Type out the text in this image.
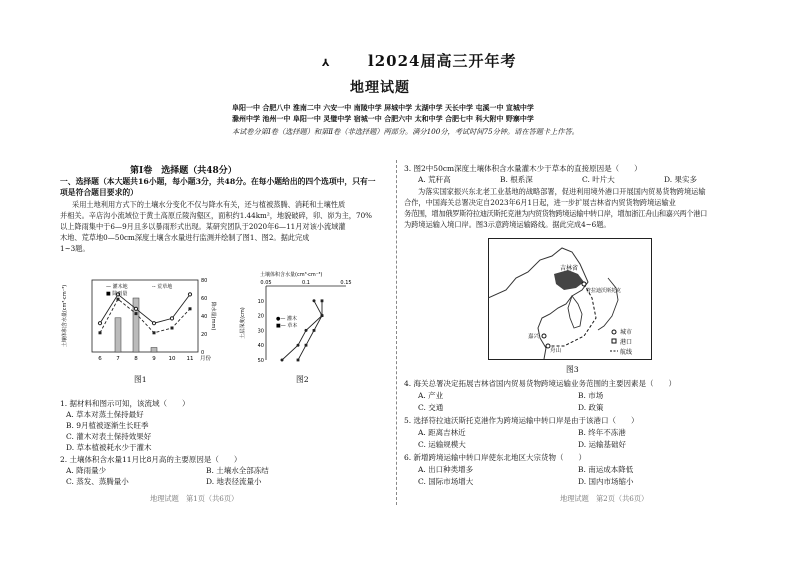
⅄	l2024届高三开年考
地理试题
阜阳一中 合肥八中 淮南二中 六安一中 南陵中学 屏城中学 太湖中学 天长中学 屯溪一中 宣城中学
滁州中学 池州一中 阜阳一中 灵璧中学 宿城一中 合肥六中 太和中学 合肥七中 科大附中 野寨中学
本试卷分第Ⅰ卷（选择题）和第Ⅱ卷（非选择题）两部分。满分100分，考试时间75分钟。请在答题卡上作答。
第Ⅰ卷　选择题（共48分）
一、选择题（本大题共16小题，每小题3分，共48分。在每小题给出的四个选项中，只有一
项是符合题目要求的）
采用土地利用方式下的土壤水分变化不仅与降水有关，还与植被蒸腾、消耗和土壤性质
并相关。辛店沟小流域位于黄土高原丘陵沟壑区，面积约1.44km²，地貌破碎，卯、峁为主，70%
以上降雨集中于6—9月且多以暴雨形式出现。某研究团队于2020年6—11月对该小流域灌
木地、荒草地0—50cm深度土壤含水量进行监测并绘制了图1、图2。据此完成
1~3题。
6	7	8	9 10 11 月份
土壤体积含水量(cm³·cm⁻³)	降水量(mm)
0
20
40
60
80
— 灌木地
■ 降雨量
-- 荒草地
图1
土壤体积含水量(cm³·cm⁻³)
0.05	0.1	0.15
10
20
30
40
50
土层深度(cm)	●— 灌木
■— 草本
图2
1. 据材料和图示可知，该流域（　　）
A. 草本对蒸土保持最好
B. 9月植被逐渐生长旺季
C. 灌木对表土保持效果好
D. 草本植被耗水少于灌木
2. 土壤体积含水量11月比8月高的主要原因是（　　）
A. 降雨量少	B. 土壤水全部冻结
C. 蒸发、蒸腾量小	D. 地表径流量小
地理试题　第1页（共6页）
3. 图2中50cm深度土壤体积含水量灌木少于草本的直接原因是（　　）
A. 荒秆高	B. 根系深	C. 叶片大	D. 果实多
为落实国家振兴东北老工业基地的战略部署，促进利用境外港口开展国内贸易货物跨境运输
合作，中国海关总署决定自2023年6月1日起，进一步扩展吉林省内贸货物跨境运输业
务范围，增加俄罗斯符拉迪沃斯托克港为内贸货物跨境运输中转口岸，增加浙江舟山和嘉兴两个港口
为跨境运输入境口岸。图3示意跨境运输路线。据此完成4~6题。
吉林省
符拉迪沃斯托克
舟山
嘉兴
城市
港口
航线
图3
4. 海关总署决定拓展吉林省国内贸易货物跨境运输业务范围的主要因素是（　　）
A. 产业	B. 市场
C. 交通	D. 政策
5. 选择符拉迪沃斯托克港作为跨境运输中转口岸是由于该港口（　　）
A. 距离吉林近	B. 终年不冻港
C. 运输规模大	D. 运输基础好
6. 新增跨境运输中转口岸使东北地区大宗货物（　　）
A. 出口种类增多	B. 南运成本降低
C. 国际市场增大	D. 国内市场缩小
地理试题　第2页（共6页）
